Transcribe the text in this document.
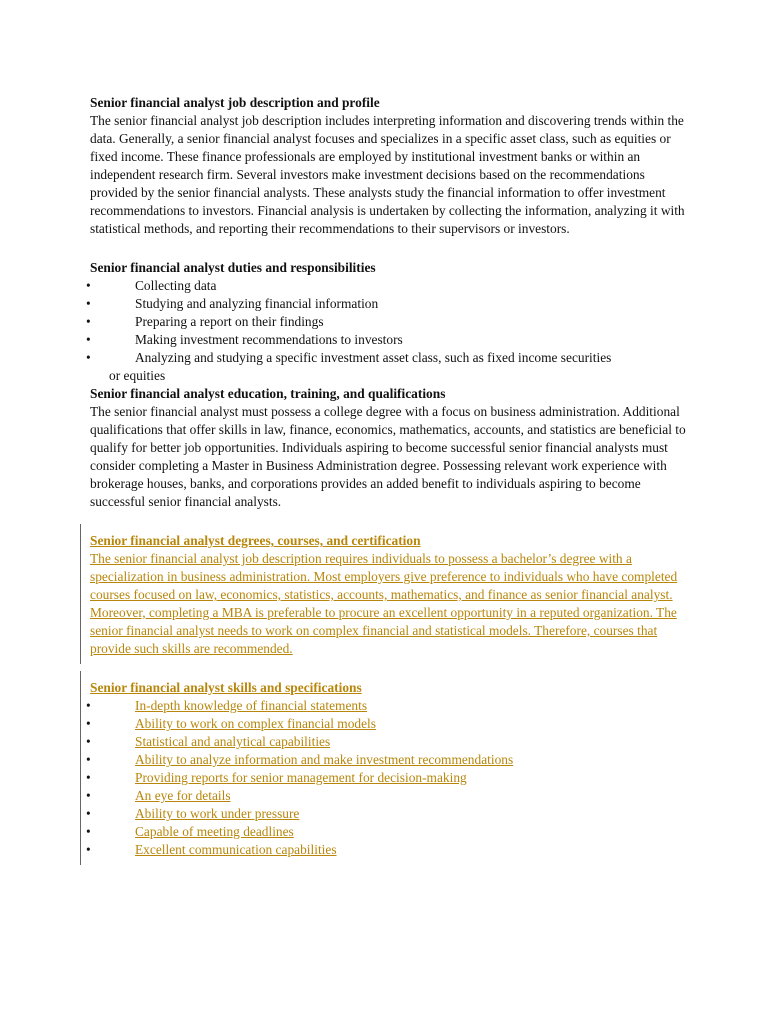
Senior financial analyst job description and profile

The senior financial analyst job description includes interpreting information and discovering trends within the data. Generally, a senior financial analyst focuses and specializes in a specific asset class, such as equities or fixed income. These finance professionals are employed by institutional investment banks or within an independent research firm. Several investors make investment decisions based on the recommendations provided by the senior financial analysts. These analysts study the financial information to offer investment recommendations to investors. Financial analysis is undertaken by collecting the information, analyzing it with statistical methods, and reporting their recommendations to their supervisors or investors.

Senior financial analyst duties and responsibilities

•	Collecting data
•	Studying and analyzing financial information
•	Preparing a report on their findings
•	Making investment recommendations to investors
•	Analyzing and studying a specific investment asset class, such as fixed income securities
or equities

Senior financial analyst education, training, and qualifications

The senior financial analyst must possess a college degree with a focus on business administration. Additional qualifications that offer skills in law, finance, economics, mathematics, accounts, and statistics are beneficial to qualify for better job opportunities. Individuals aspiring to become successful senior financial analysts must consider completing a Master in Business Administration degree. Possessing relevant work experience with brokerage houses, banks, and corporations provides an added benefit to individuals aspiring to become successful senior financial analysts.

Senior financial analyst degrees, courses, and certification

The senior financial analyst job description requires individuals to possess a bachelor’s degree with a specialization in business administration. Most employers give preference to individuals who have completed courses focused on law, economics, statistics, accounts, mathematics, and finance as senior financial analyst. Moreover, completing a MBA is preferable to procure an excellent opportunity in a reputed organization. The senior financial analyst needs to work on complex financial and statistical models. Therefore, courses that provide such skills are recommended.

Senior financial analyst skills and specifications

•	In-depth knowledge of financial statements
•	Ability to work on complex financial models
•	Statistical and analytical capabilities
•	Ability to analyze information and make investment recommendations
•	Providing reports for senior management for decision-making
•	An eye for details
•	Ability to work under pressure
•	Capable of meeting deadlines
•	Excellent communication capabilities
